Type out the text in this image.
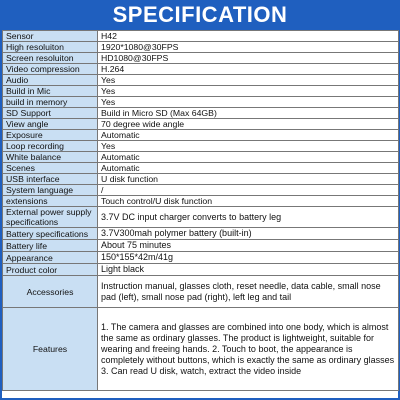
SPECIFICATION
Sensor	H42
High resoluiton	1920*1080@30FPS
Screen resoluiton	HD1080@30FPS
Video compression	H.264
Audio	Yes
Build in Mic	Yes
build in memory	Yes
SD Support	Build in Micro SD (Max 64GB)
View angle	70 degree wide angle
Exposure	Automatic
Loop recording	Yes
White balance	Automatic
Scenes	Automatic
USB interface	U disk function
System language	/
extensions	Touch control/U disk function
External power supply specifications	3.7V DC input charger converts to battery leg
Battery specifications	3.7V300mah polymer battery (built-in)
Battery life	About 75 minutes
Appearance	150*155*42m/41g
Product color	Light black
Accessories	Instruction manual, glasses cloth, reset needle, data cable, small nose pad (left), small nose pad (right), left leg and tail
Features	1. The camera and glasses are combined into one body, which is almost the same as ordinary glasses. The product is lightweight, suitable for wearing and freeing hands. 2. Touch to boot, the appearance is completely without buttons, which is exactly the same as ordinary glasses 3. Can read U disk, watch, extract the video inside
